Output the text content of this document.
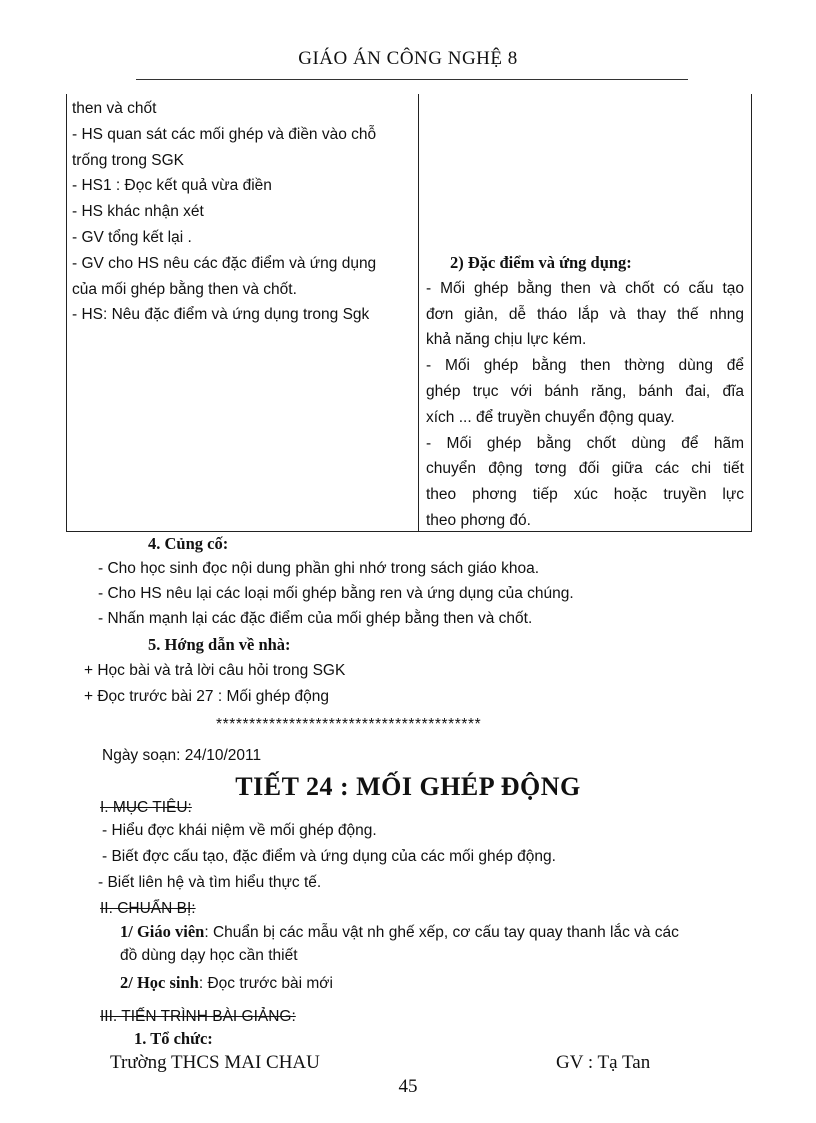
GIÁO ÁN CÔNG NGHỆ 8
then và chốt
- HS quan sát các mối ghép và điền vào chỗ
trống trong SGK
- HS1 : Đọc kết quả vừa điền
- HS khác nhận xét
- GV tổng kết lại .
- GV cho HS nêu các đặc điểm và ứng dụng
của mối ghép bằng then và chốt.
- HS: Nêu đặc điểm và ứng dụng trong Sgk
2) Đặc điểm và ứng dụng:
- Mối ghép bằng then và chốt có cấu tạo
đơn giản, dễ tháo lắp và thay thế nhng
khả năng chịu lực kém.
- Mối ghép bằng then thờng dùng để
ghép trục với bánh răng, bánh đai, đĩa
xích ... để truyền chuyển động quay.
- Mối ghép bằng chốt dùng để hãm
chuyển động tơng đối giữa các chi tiết
theo phơng tiếp xúc hoặc truyền lực
theo phơng đó.
4. Củng cố:
- Cho học sinh đọc nội dung phần ghi nhớ trong sách giáo khoa.
- Cho HS nêu lại các loại mối ghép bằng ren và ứng dụng của chúng.
- Nhấn mạnh lại các đặc điểm của mối ghép bằng then và chốt.
5. Hớng dẫn về nhà:
+ Học bài và trả lời câu hỏi trong SGK
+ Đọc trước bài 27 : Mối ghép động
****************************************
Ngày soạn: 24/10/2011
TIẾT 24 : MỐI GHÉP ĐỘNG
I. MỤC TIÊU:
- Hiểu đợc khái niệm về mối ghép động.
- Biết đợc cấu tạo, đặc điểm và ứng dụng của các mối ghép động.
- Biết liên hệ và tìm hiểu thực tế.
II. CHUẨN BỊ:
1/ Giáo viên: Chuẩn bị các mẫu vật nh ghế xếp, cơ cấu tay quay thanh lắc và các
đồ dùng dạy học cần thiết
2/ Học sinh: Đọc trước bài mới
III. TIẾN TRÌNH BÀI GIẢNG:
1. Tổ chức:
Trường THCS MAI CHAU	GV : Tạ Tan
45
